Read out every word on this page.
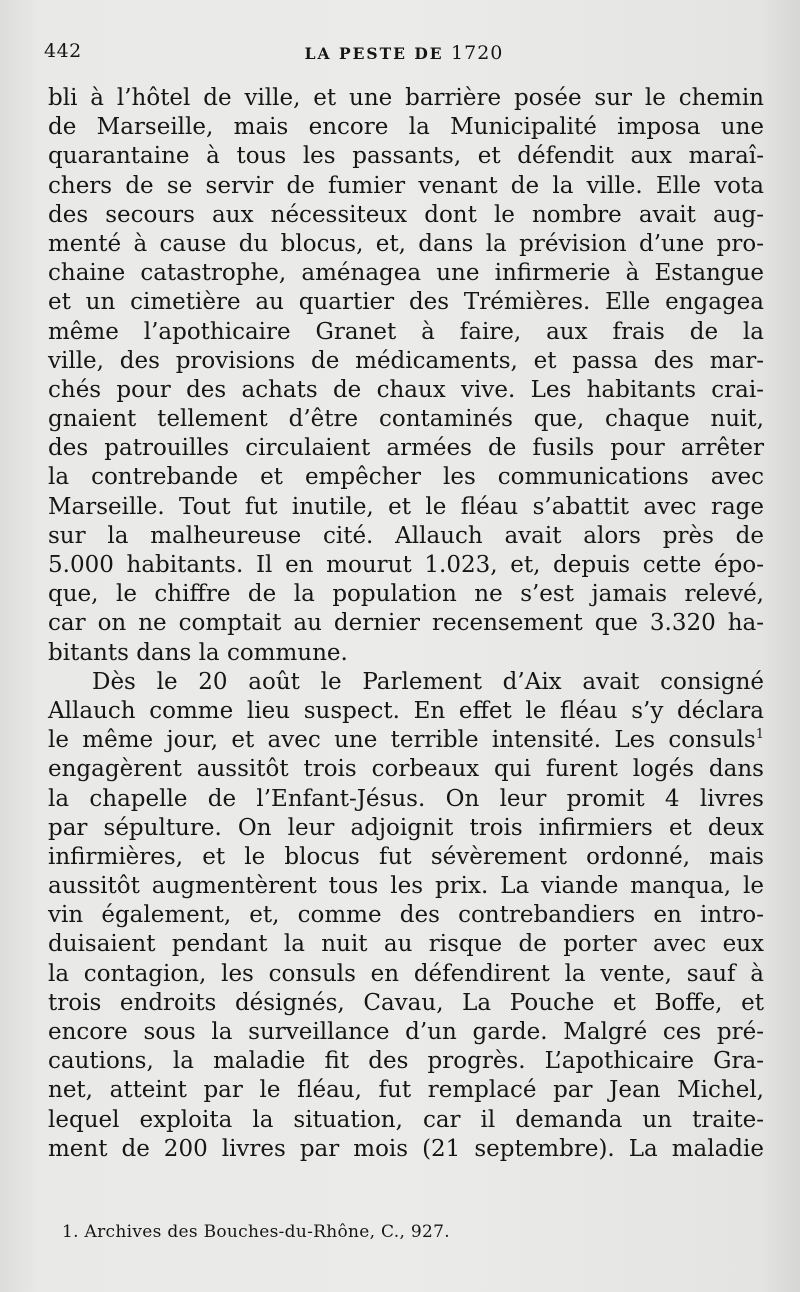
442	LA PESTE DE 1720
bli à l’hôtel de ville, et une barrière posée sur le chemin
de Marseille, mais encore la Municipalité imposa une
quarantaine à tous les passants, et défendit aux maraî-
chers de se servir de fumier venant de la ville. Elle vota
des secours aux nécessiteux dont le nombre avait aug-
menté à cause du blocus, et, dans la prévision d’une pro-
chaine catastrophe, aménagea une infirmerie à Estangue
et un cimetière au quartier des Trémières. Elle engagea
même l’apothicaire Granet à faire, aux frais de la
ville, des provisions de médicaments, et passa des mar-
chés pour des achats de chaux vive. Les habitants crai-
gnaient tellement d’être contaminés que, chaque nuit,
des patrouilles circulaient armées de fusils pour arrêter
la contrebande et empêcher les communications avec
Marseille. Tout fut inutile, et le fléau s’abattit avec rage
sur la malheureuse cité. Allauch avait alors près de
5.000 habitants. Il en mourut 1.023, et, depuis cette épo-
que, le chiffre de la population ne s’est jamais relevé,
car on ne comptait au dernier recensement que 3.320 ha-
bitants dans la commune.
Dès le 20 août le Parlement d’Aix avait consigné
Allauch comme lieu suspect. En effet le fléau s’y déclara
le même jour, et avec une terrible intensité. Les consuls$^1$
engagèrent aussitôt trois corbeaux qui furent logés dans
la chapelle de l’Enfant-Jésus. On leur promit 4 livres
par sépulture. On leur adjoignit trois infirmiers et deux
infirmières, et le blocus fut sévèrement ordonné, mais
aussitôt augmentèrent tous les prix. La viande manqua, le
vin également, et, comme des contrebandiers en intro-
duisaient pendant la nuit au risque de porter avec eux
la contagion, les consuls en défendirent la vente, sauf à
trois endroits désignés, Cavau, La Pouche et Boffe, et
encore sous la surveillance d’un garde. Malgré ces pré-
cautions, la maladie fit des progrès. L’apothicaire Gra-
net, atteint par le fléau, fut remplacé par Jean Michel,
lequel exploita la situation, car il demanda un traite-
ment de 200 livres par mois (21 septembre). La maladie
1. Archives des Bouches-du-Rhône, C., 927.
